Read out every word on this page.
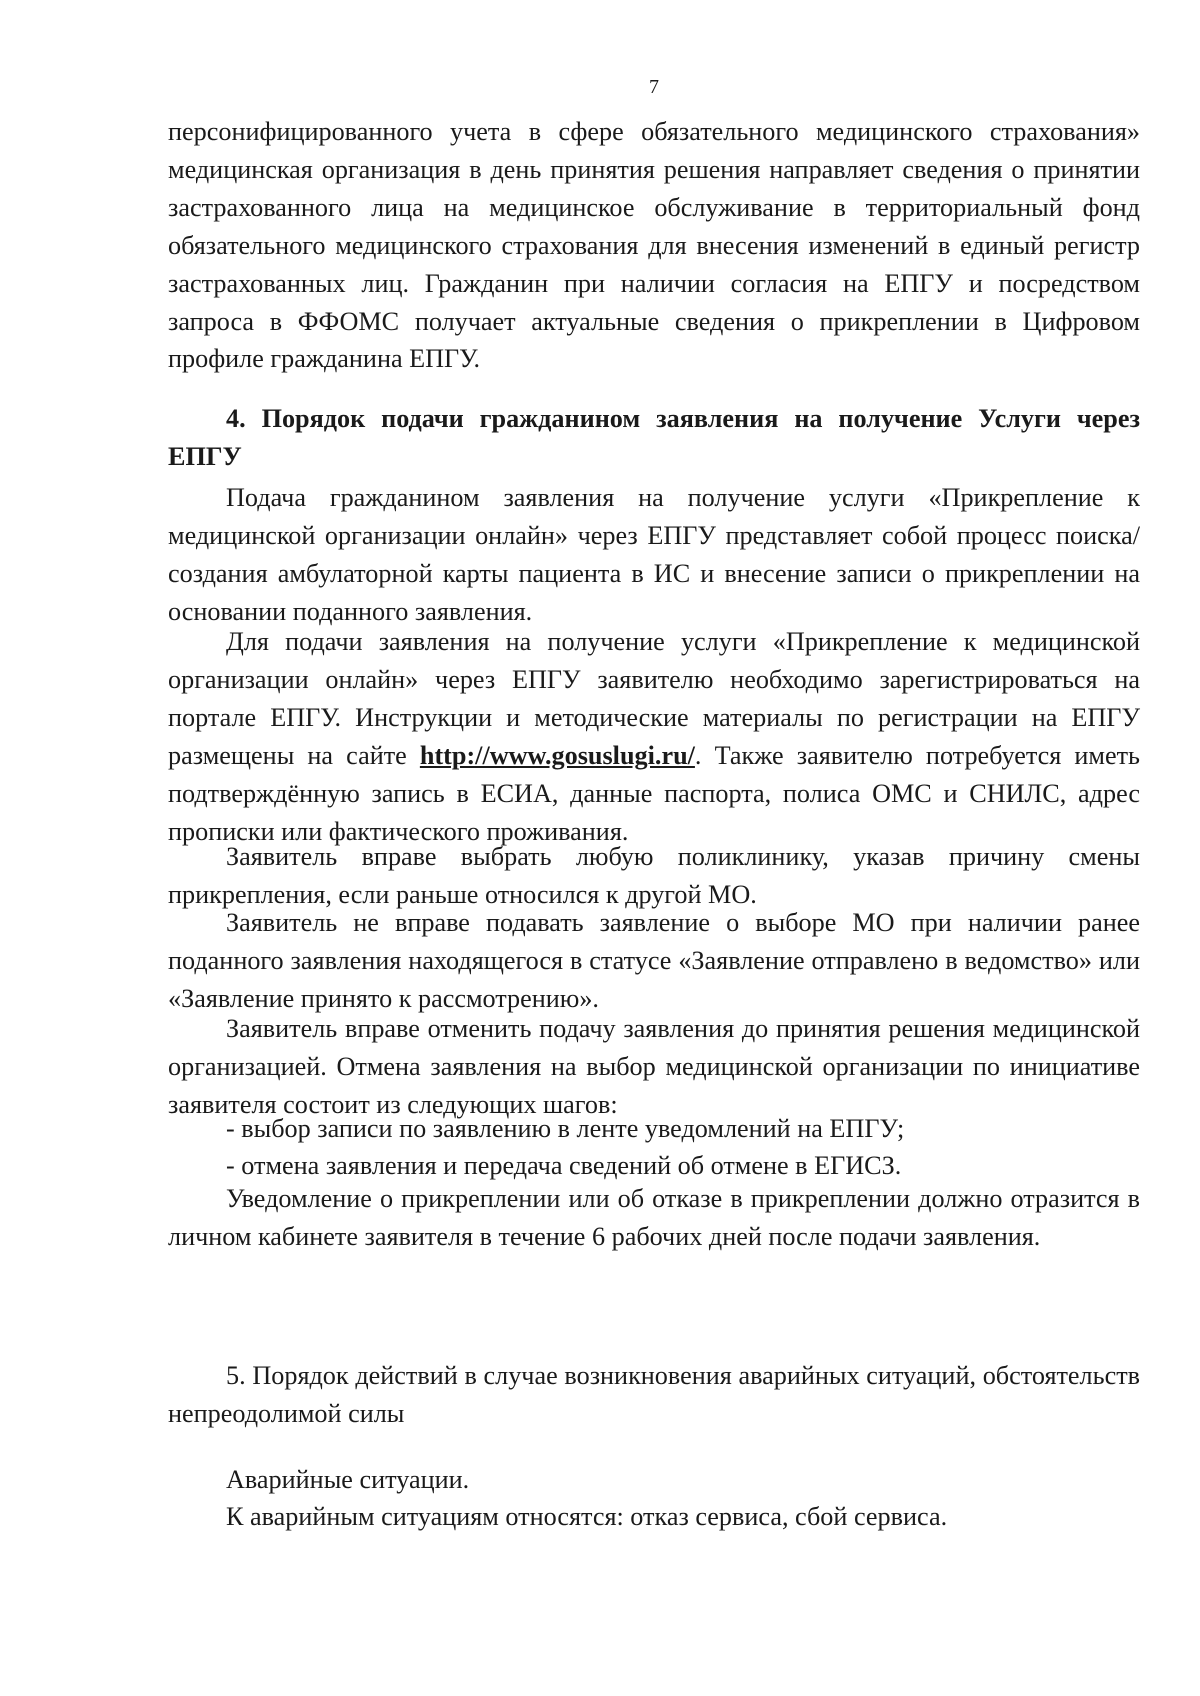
7

персонифицированного учета в сфере обязательного медицинского страхования» медицинская организация в день принятия решения направляет сведения о принятии застрахованного лица на медицинское обслуживание в территориальный фонд обязательного медицинского страхования для внесения изменений в единый регистр застрахованных лиц. Гражданин при наличии согласия на ЕПГУ и посредством запроса в ФФОМС получает актуальные сведения о прикреплении в Цифровом профиле гражданина ЕПГУ.

4. Порядок подачи гражданином заявления на получение Услуги через ЕПГУ

Подача гражданином заявления на получение услуги «Прикрепление к медицинской организации онлайн» через ЕПГУ представляет собой процесс поиска/создания амбулаторной карты пациента в ИС и внесение записи о прикреплении на основании поданного заявления.

Для подачи заявления на получение услуги «Прикрепление к медицинской организации онлайн» через ЕПГУ заявителю необходимо зарегистрироваться на портале ЕПГУ. Инструкции и методические материалы по регистрации на ЕПГУ размещены на сайте http://www.gosuslugi.ru/. Также заявителю потребуется иметь подтверждённую запись в ЕСИА, данные паспорта, полиса ОМС и СНИЛС, адрес прописки или фактического проживания.

Заявитель вправе выбрать любую поликлинику, указав причину смены прикрепления, если раньше относился к другой МО.

Заявитель не вправе подавать заявление о выборе МО при наличии ранее поданного заявления находящегося в статусе «Заявление отправлено в ведомство» или «Заявление принято к рассмотрению».

Заявитель вправе отменить подачу заявления до принятия решения медицинской организацией. Отмена заявления на выбор медицинской организации по инициативе заявителя состоит из следующих шагов:

- выбор записи по заявлению в ленте уведомлений на ЕПГУ;

- отмена заявления и передача сведений об отмене в ЕГИСЗ.

Уведомление о прикреплении или об отказе в прикреплении должно отразится в личном кабинете заявителя в течение 6 рабочих дней после подачи заявления.

5. Порядок действий в случае возникновения аварийных ситуаций, обстоятельств непреодолимой силы

Аварийные ситуации.

К аварийным ситуациям относятся: отказ сервиса, сбой сервиса.
